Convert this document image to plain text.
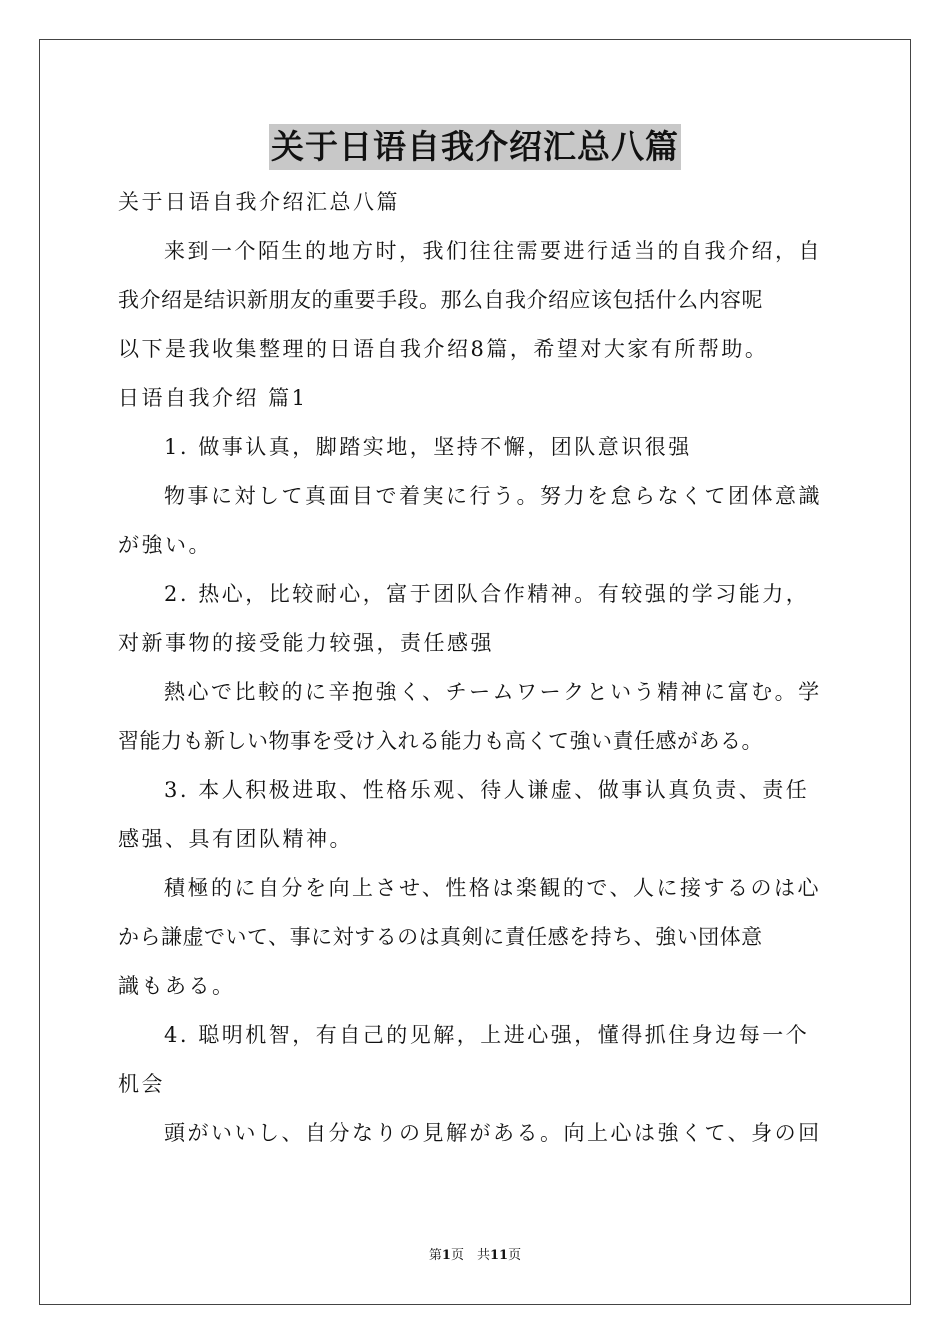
关于日语自我介绍汇总八篇
关于日语自我介绍汇总八篇
来到一个陌生的地方时，我们往往需要进行适当的自我介绍，自
我介绍是结识新朋友的重要手段。那么自我介绍应该包括什么内容呢
以下是我收集整理的日语自我介绍8篇，希望对大家有所帮助。
日语自我介绍 篇1
1. 做事认真，脚踏实地，坚持不懈，团队意识很强
物事に対して真面目で着実に行う。努力を怠らなくて团体意識
が強い。
2. 热心，比较耐心，富于团队合作精神。有较强的学习能力，
对新事物的接受能力较强，责任感强
熱心で比較的に辛抱強く、チームワークという精神に富む。学
習能力も新しい物事を受け入れる能力も高くて強い責任感がある。
3. 本人积极进取、性格乐观、待人谦虚、做事认真负责、责任
感强、具有团队精神。
積極的に自分を向上させ、性格は楽観的で、人に接するのは心
から謙虚でいて、事に対するのは真剣に責任感を持ち、強い団体意
識もある。
4. 聪明机智，有自己的见解，上进心强，懂得抓住身边每一个
机会
頭がいいし、自分なりの見解がある。向上心は強くて、身の回
第1页　共11页
